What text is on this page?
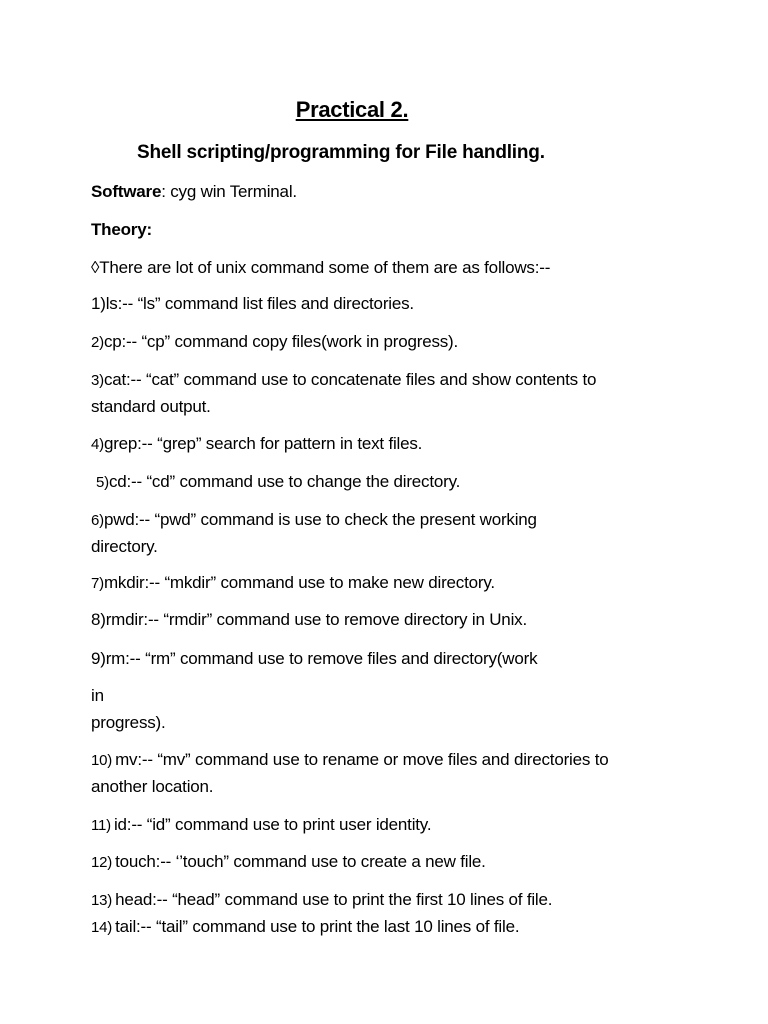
Practical 2.
Shell scripting/programming for File handling.
Software: cyg win Terminal.
Theory:
◊There are lot of unix command some of them are as follows:--
1)ls:-- “ls” command list files and directories.
2)cp:-- “cp” command copy files(work in progress).
3)cat:-- “cat” command use to concatenate files and show contents to
standard output.
4)grep:-- “grep” search for pattern in text files.
5)cd:-- “cd” command use to change the directory.
6)pwd:-- “pwd” command is use to check the present working
directory.
7)mkdir:-- “mkdir” command use to make new directory.
8)rmdir:-- “rmdir” command use to remove directory in Unix.
9)rm:-- “rm” command use to remove files and directory(work
in
progress).
10) mv:-- “mv” command use to rename or move files and directories to
another location.
11) id:-- “id” command use to print user identity.
12) touch:-- ‘’touch” command use to create a new file.
13) head:-- “head” command use to print the first 10 lines of file.
14) tail:-- “tail” command use to print the last 10 lines of file.
